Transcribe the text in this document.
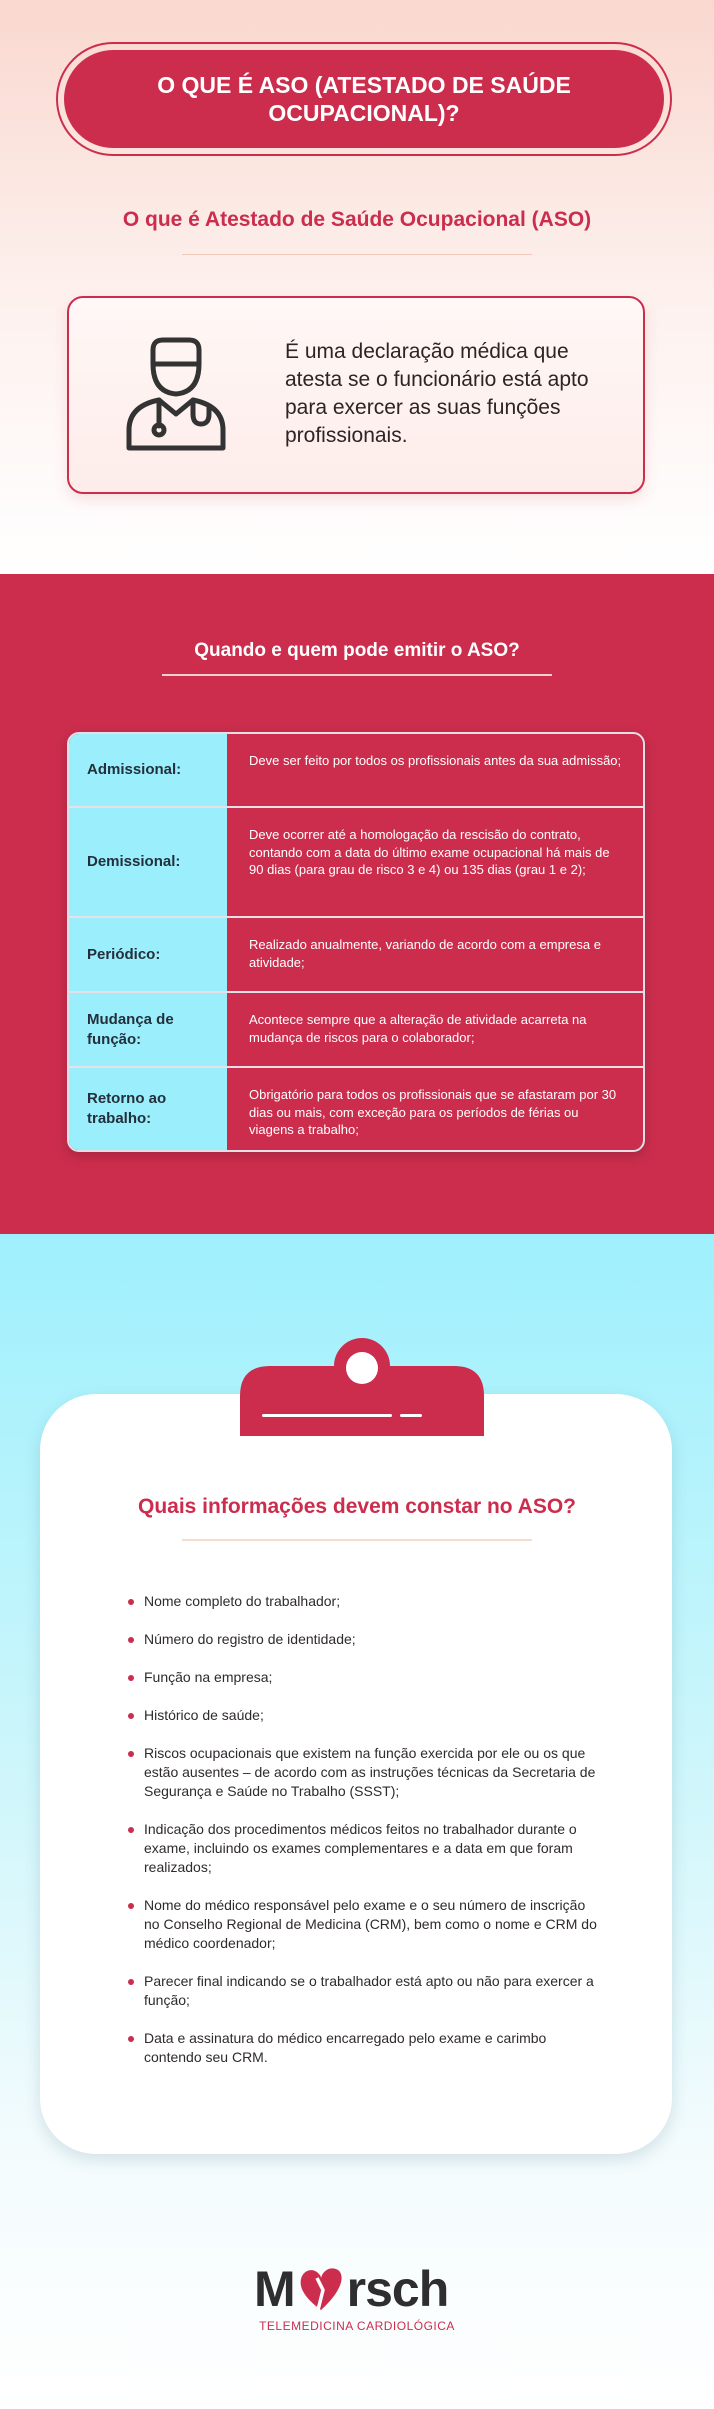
O QUE É ASO (ATESTADO DE SAÚDE OCUPACIONAL)?
O que é Atestado de Saúde Ocupacional (ASO)
É uma declaração médica que atesta se o funcionário está apto para exercer as suas funções profissionais.
Quando e quem pode emitir o ASO?
Admissional:
Deve ser feito por todos os profissionais antes da sua admissão;
Demissional:
Deve ocorrer até a homologação da rescisão do contrato, contando com a data do último exame ocupacional há mais de 90 dias (para grau de risco 3 e 4) ou 135 dias (grau 1 e 2);
Periódico:
Realizado anualmente, variando de acordo com a empresa e atividade;
Mudança de função:
Acontece sempre que a alteração de atividade acarreta na mudança de riscos para o colaborador;
Retorno ao trabalho:
Obrigatório para todos os profissionais que se afastaram por 30 dias ou mais, com exceção para os períodos de férias ou viagens a trabalho;
Quais informações devem constar no ASO?
Nome completo do trabalhador;
Número do registro de identidade;
Função na empresa;
Histórico de saúde;
Riscos ocupacionais que existem na função exercida por ele ou os que estão ausentes – de acordo com as instruções técnicas da Secretaria de Segurança e Saúde no Trabalho (SSST);
Indicação dos procedimentos médicos feitos no trabalhador durante o exame, incluindo os exames complementares e a data em que foram realizados;
Nome do médico responsável pelo exame e o seu número de inscrição no Conselho Regional de Medicina (CRM), bem como o nome e CRM do médico coordenador;
Parecer final indicando se o trabalhador está apto ou não para exercer a função;
Data e assinatura do médico encarregado pelo exame e carimbo contendo seu CRM.
M rsch
TELEMEDICINA CARDIOLÓGICA
